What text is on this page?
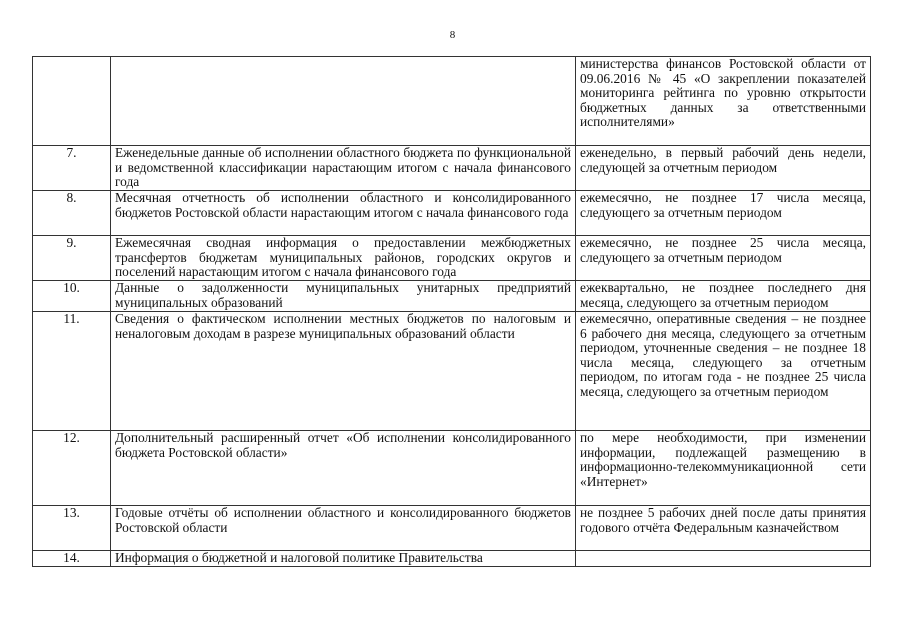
8
		министерства финансов Ростовской области от 09.06.2016 № 45 «О закреплении показателей мониторинга рейтинга по уровню открытости бюджетных данных за ответственными исполнителями»
7.	Еженедельные данные об исполнении областного бюджета по функциональной и ведомственной классификации нарастающим итогом с начала финансового года	еженедельно, в первый рабочий день недели, следующей за отчетным периодом
8.	Месячная отчетность об исполнении областного и консолидированного бюджетов Ростовской области нарастающим итогом с начала финансового года	ежемесячно, не позднее 17 числа месяца, следующего за отчетным периодом
9.	Ежемесячная сводная информация о предоставлении межбюджетных трансфертов бюджетам муниципальных районов, городских округов и поселений нарастающим итогом с начала финансового года	ежемесячно, не позднее 25 числа месяца, следующего за отчетным периодом
10.	Данные о задолженности муниципальных унитарных предприятий муниципальных образований	ежеквартально, не позднее последнего дня месяца, следующего за отчетным периодом
11.	Сведения о фактическом исполнении местных бюджетов по налоговым и неналоговым доходам в разрезе муниципальных образований области	ежемесячно, оперативные сведения – не позднее 6 рабочего дня месяца, следующего за отчетным периодом, уточненные сведения – не позднее 18 числа месяца, следующего за отчетным периодом, по итогам года - не позднее 25 числа месяца, следующего за отчетным периодом
12.	Дополнительный расширенный отчет «Об исполнении консолидированного бюджета Ростовской области»	по мере необходимости, при изменении информации, подлежащей размещению в информационно-телекоммуникационной сети «Интернет»
13.	Годовые отчёты об исполнении областного и консолидированного бюджетов Ростовской области	не позднее 5 рабочих дней после даты принятия годового отчёта Федеральным казначейством
14.	Информация о бюджетной и налоговой политике Правительства	
